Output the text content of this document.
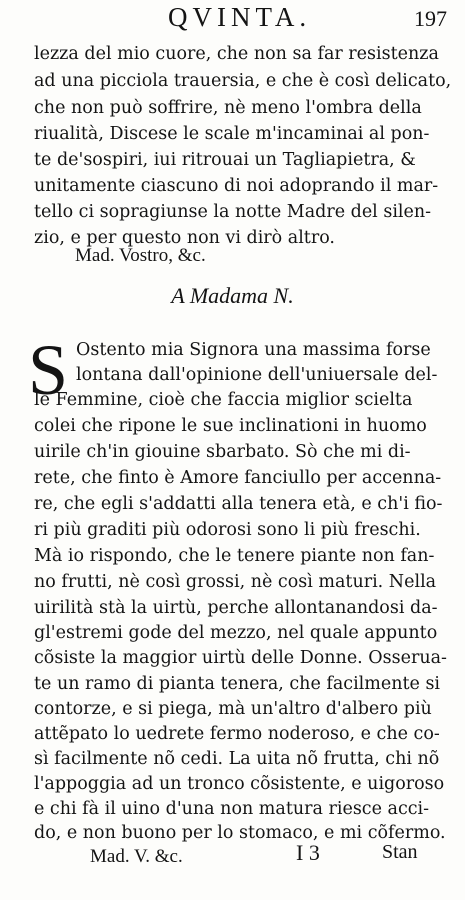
QVINTA.	197
lezza del mio cuore, che non sa far resistenza
ad una picciola trauersia, e che è così delicato,
che non può soffrire, nè meno l'ombra della
riualità, Discese le scale m'incaminai al pon-
te de'sospiri, iui ritrouai un Tagliapietra, &
unitamente ciascuno di noi adoprando il mar-
tello ci sopragiunse la notte Madre del silen-
zio, e per questo non vi dirò altro.
Mad. Vostro, &c.
A Madama N.
S Ostento mia Signora una massima forse
lontana dall'opinione dell'uniuersale del-
le Femmine, cioè che faccia miglior scielta
colei che ripone le sue inclinationi in huomo
uirile ch'in giouine sbarbato. Sò che mi di-
rete, che finto è Amore fanciullo per accenna-
re, che egli s'addatti alla tenera età, e ch'i fio-
ri più graditi più odorosi sono li più freschi.
Mà io rispondo, che le tenere piante non fan-
no frutti, nè così grossi, nè così maturi. Nella
uirilità stà la uirtù, perche allontanandosi da-
gl'estremi gode del mezzo, nel quale appunto
cõsiste la maggior uirtù delle Donne. Osserua-
te un ramo di pianta tenera, che facilmente si
contorze, e si piega, mà un'altro d'albero più
attẽpato lo uedrete fermo noderoso, e che co-
sì facilmente nõ cedi. La uita nõ frutta, chi nõ
l'appoggia ad un tronco cõsistente, e uigoroso
e chi fà il uino d'una non matura riesce acci-
do, e non buono per lo stomaco, e mi cõfermo.
Mad. V. &c.	I 3	Stan
